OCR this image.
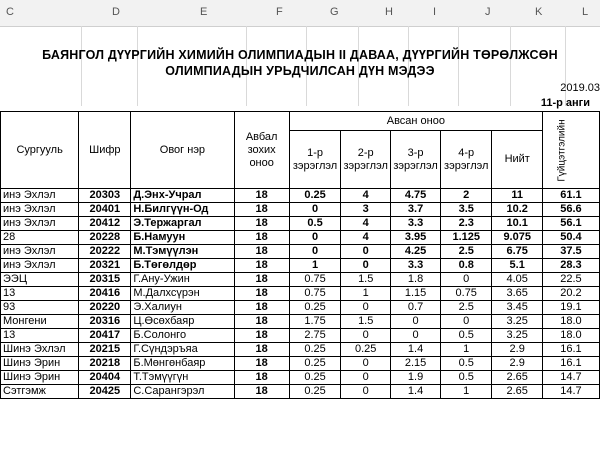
C	D	E	F	G	H	I	J	K	L
БАЯНГОЛ ДҮҮРГИЙН ХИМИЙН ОЛИМПИАДЫН II ДАВАА, ДҮҮРГИЙН ТӨРӨЛЖСӨН
ОЛИМПИАДЫН УРЬДЧИЛСАН ДҮН МЭДЭЭ
2019.03
11-р анги
Сургууль	Шифр	Овог нэр	Авбал зохих оноо	Авсан оноо					Гүйцэтгэлийн

				1-р зэрэглэл	2-р зэрэглэл	3-р зэрэглэл	4-р зэрэглэл	Нийт	
инэ Эхлэл	20303	Д.Энх-Учрал	18	0.25	4	4.75	2	11	61.1
инэ Эхлэл	20401	Н.Билгүүн-Од	18	0	3	3.7	3.5	10.2	56.6
инэ Эхлэл	20412	Э.Тержаргал	18	0.5	4	3.3	2.3	10.1	56.1
28	20228	Б.Намуун	18	0	4	3.95	1.125	9.075	50.4
инэ Эхлэл	20222	М.Тэмүүлэн	18	0	0	4.25	2.5	6.75	37.5
инэ Эхлэл	20321	Б.Төгөлдөр	18	1	0	3.3	0.8	5.1	28.3
ЭЭЦ	20315	Г.Ану-Ужин	18	0.75	1.5	1.8	0	4.05	22.5
13	20416	М.Далхсүрэн	18	0.75	1	1.15	0.75	3.65	20.2
93	20220	Э.Халиун	18	0.25	0	0.7	2.5	3.45	19.1
Монгени	20316	Ц.Өсөхбаяр	18	1.75	1.5	0	0	3.25	18.0
13	20417	Б.Солонго	18	2.75	0	0	0.5	3.25	18.0
Шинэ Эхлэл	20215	Г.Сүндэръяа	18	0.25	0.25	1.4	1	2.9	16.1
Шинэ Эрин	20218	Б.Мөнгөнбаяр	18	0.25	0	2.15	0.5	2.9	16.1
Шинэ Эрин	20404	Т.Тэмүүгүн	18	0.25	0	1.9	0.5	2.65	14.7
Сэтгэмж	20425	С.Сарангэрэл	18	0.25	0	1.4	1	2.65	14.7
